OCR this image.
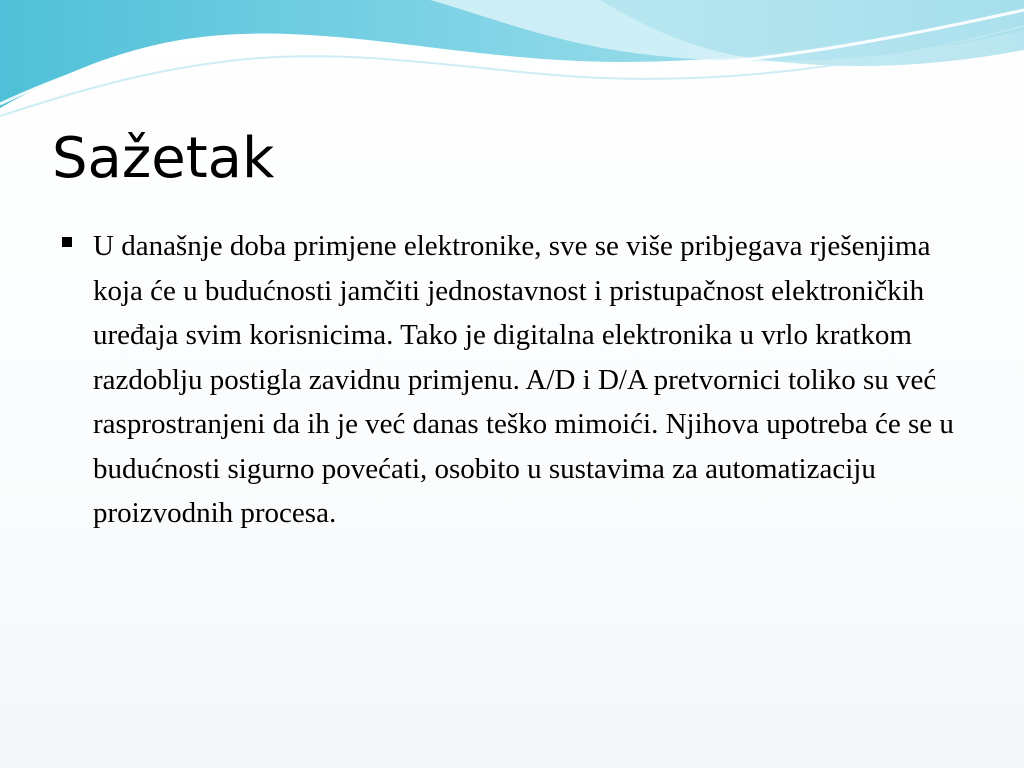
Sažetak

U današnje doba primjene elektronike, sve se više pribjegava rješenjima koja će u budućnosti jamčiti jednostavnost i pristupačnost elektroničkih uređaja svim korisnicima. Tako je digitalna elektronika u vrlo kratkom razdoblju postigla zavidnu primjenu. A/D i D/A pretvornici toliko su već rasprostranjeni da ih je već danas teško mimoići. Njihova upotreba će se u budućnosti sigurno povećati, osobito u sustavima za automatizaciju proizvodnih procesa.
